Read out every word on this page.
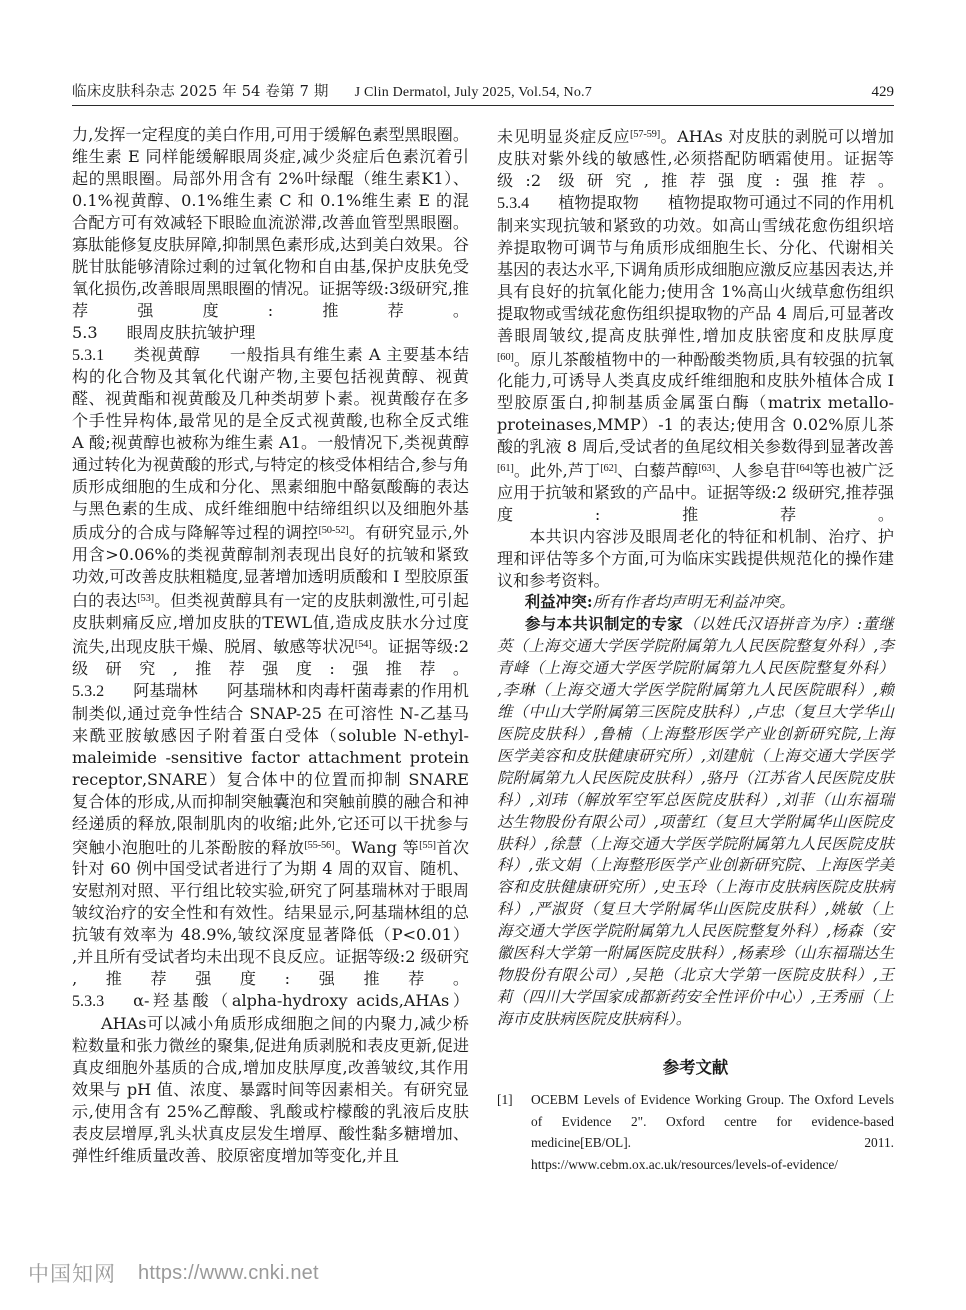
临床皮肤科杂志 2025 年 54 卷第 7 期 J Clin Dermatol, July 2025, Vol.54, No.7	429

力‚发挥一定程度的美白作用‚可用于缓解色素型黑眼圈。维生素 E 同样能缓解眼周炎症‚减少炎症后色素沉着引起的黑眼圈。局部外用含有 2%叶绿醌（维生素K1）、0.1%视黄醇、0.1%维生素 C 和 0.1%维生素 E 的混合配方可有效减轻下眼睑血流淤滞‚改善血管型黑眼圈。寡肽能修复皮肤屏障‚抑制黑色素形成‚达到美白效果。谷胱甘肽能够清除过剩的过氧化物和自由基‚保护皮肤免受氧化损伤‚改善眼周黑眼圈的情况。证据等级:3级研究‚推荐强度:推荐。

5.3 眼周皮肤抗皱护理

5.3.1 类视黄醇 一般指具有维生素 A 主要基本结构的化合物及其氧化代谢产物‚主要包括视黄醇、视黄醛、视黄酯和视黄酸及几种类胡萝卜素。视黄酸存在多个手性异构体‚最常见的是全反式视黄酸‚也称全反式维 A 酸;视黄醇也被称为维生素 A1。一般情况下‚类视黄醇通过转化为视黄酸的形式‚与特定的核受体相结合‚参与角质形成细胞的生成和分化、黑素细胞中酪氨酸酶的表达与黑色素的生成、成纤维细胞中结缔组织以及细胞外基质成分的合成与降解等过程的调控[50-52]。有研究显示‚外用含>0.06%的类视黄醇制剂表现出良好的抗皱和紧致功效‚可改善皮肤粗糙度‚显著增加透明质酸和 Ⅰ 型胶原蛋白的表达[53]。但类视黄醇具有一定的皮肤刺激性‚可引起皮肤刺痛反应‚增加皮肤的TEWL值‚造成皮肤水分过度流失‚出现皮肤干燥、脱屑、敏感等状况[54]。证据等级:2 级研究‚推荐强度:强推荐。

5.3.2 阿基瑞林 阿基瑞林和肉毒杆菌毒素的作用机制类似‚通过竞争性结合 SNAP-25 在可溶性 N-乙基马来酰亚胺敏感因子附着蛋白受体（soluble N-ethyl-maleimide -sensitive factor attachment protein receptor‚SNARE）复合体中的位置而抑制 SNARE 复合体的形成‚从而抑制突触囊泡和突触前膜的融合和神经递质的释放‚限制肌肉的收缩;此外‚它还可以干扰参与突触小泡胞吐的儿茶酚胺的释放[55-56]。Wang 等[55]首次针对 60 例中国受试者进行了为期 4 周的双盲、随机、安慰剂对照、平行组比较实验‚研究了阿基瑞林对于眼周皱纹治疗的安全性和有效性。结果显示‚阿基瑞林组的总抗皱有效率为 48.9%‚皱纹深度显著降低（P<0.01）‚并且所有受试者均未出现不良反应。证据等级:2 级研究‚推荐强度:强推荐。

5.3.3 α-羟基酸（alpha-hydroxy acids‚AHAs）AHAs可以减小角质形成细胞之间的内聚力‚减少桥粒数量和张力微丝的聚集‚促进角质剥脱和表皮更新‚促进真皮细胞外基质的合成‚增加皮肤厚度‚改善皱纹‚其作用效果与 pH 值、浓度、暴露时间等因素相关。有研究显示‚使用含有 25%乙醇酸、乳酸或柠檬酸的乳液后皮肤表皮层增厚‚乳头状真皮层发生增厚、酸性黏多糖增加、弹性纤维质量改善、胶原密度增加等变化‚并且

未见明显炎症反应[57-59]。AHAs 对皮肤的剥脱可以增加皮肤对紫外线的敏感性‚必须搭配防晒霜使用。证据等级:2 级研究‚推荐强度:强推荐。

5.3.4 植物提取物 植物提取物可通过不同的作用机制来实现抗皱和紧致的功效。如高山雪绒花愈伤组织培养提取物可调节与角质形成细胞生长、分化、代谢相关基因的表达水平‚下调角质形成细胞应激反应基因表达‚并具有良好的抗氧化能力;使用含 1%高山火绒草愈伤组织提取物或雪绒花愈伤组织提取物的产品 4 周后‚可显著改善眼周皱纹‚提高皮肤弹性‚增加皮肤密度和皮肤厚度[60]。原儿茶酸植物中的一种酚酸类物质‚具有较强的抗氧化能力‚可诱导人类真皮成纤维细胞和皮肤外植体合成 Ⅰ 型胶原蛋白‚抑制基质金属蛋白酶（matrix metallo-proteinases‚MMP）-1 的表达;使用含 0.02%原儿茶酸的乳液 8 周后‚受试者的鱼尾纹相关参数得到显著改善[61]。此外‚芦丁[62]、白藜芦醇[63]、人参皂苷[64]等也被广泛应用于抗皱和紧致的产品中。证据等级:2 级研究‚推荐强度:推荐。

本共识内容涉及眼周老化的特征和机制、治疗、护理和评估等多个方面‚可为临床实践提供规范化的操作建议和参考资料。

利益冲突:所有作者均声明无利益冲突。

参与本共识制定的专家（以姓氏汉语拼音为序）:董继英（上海交通大学医学院附属第九人民医院整复外科）‚李青峰（上海交通大学医学院附属第九人民医院整复外科）‚李琳（上海交通大学医学院附属第九人民医院眼科）‚赖维（中山大学附属第三医院皮肤科）‚卢忠（复旦大学华山医院皮肤科）‚鲁楠（上海整形医学产业创新研究院‚上海医学美容和皮肤健康研究所）‚刘建航（上海交通大学医学院附属第九人民医院皮肤科）‚骆丹（江苏省人民医院皮肤科）‚刘玮（解放军空军总医院皮肤科）‚刘菲（山东福瑞达生物股份有限公司）‚项蕾红（复旦大学附属华山医院皮肤科）‚徐慧（上海交通大学医学院附属第九人民医院皮肤科）‚张文娟（上海整形医学产业创新研究院、上海医学美容和皮肤健康研究所）‚史玉玲（上海市皮肤病医院皮肤病科）‚严淑贤（复旦大学附属华山医院皮肤科）‚姚敏（上海交通大学医学院附属第九人民医院整复外科）‚杨森（安徽医科大学第一附属医院皮肤科）‚杨素珍（山东福瑞达生物股份有限公司）‚吴艳（北京大学第一医院皮肤科）‚王莉（四川大学国家成都新药安全性评价中心）‚王秀丽（上海市皮肤病医院皮肤病科）。

参考文献

[1]	OCEBM Levels of Evidence Working Group. The Oxford Levels of Evidence 2". Oxford centre for evidence-based medicine[EB/OL]. 2011. https://www.cebm.ox.ac.uk/resources/levels-of-evidence/
中国知网 https://www.cnki.net
